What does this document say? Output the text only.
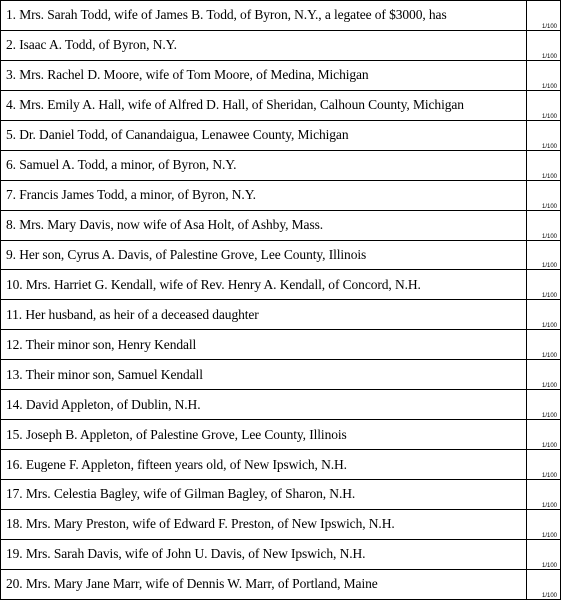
1. Mrs. Sarah Todd, wife of James B. Todd, of Byron, N.Y., a legatee of $3000, has	1/100

2. Isaac A. Todd, of Byron, N.Y.	1/100

3. Mrs. Rachel D. Moore, wife of Tom Moore, of Medina, Michigan	1/100

4. Mrs. Emily A. Hall, wife of Alfred D. Hall, of Sheridan, Calhoun County, Michigan	1/100

5. Dr. Daniel Todd, of Canandaigua, Lenawee County, Michigan	1/100

6. Samuel A. Todd, a minor, of Byron, N.Y.	1/100

7. Francis James Todd, a minor, of Byron, N.Y.	1/100

8. Mrs. Mary Davis, now wife of Asa Holt, of Ashby, Mass.	1/100

9. Her son, Cyrus A. Davis, of Palestine Grove, Lee County, Illinois	1/100

10. Mrs. Harriet G. Kendall, wife of Rev. Henry A. Kendall, of Concord, N.H.	1/100

11. Her husband, as heir of a deceased daughter	1/100

12. Their minor son, Henry Kendall	1/100

13. Their minor son, Samuel Kendall	1/100

14. David Appleton, of Dublin, N.H.	1/100

15. Joseph B. Appleton, of Palestine Grove, Lee County, Illinois	1/100

16. Eugene F. Appleton, fifteen years old, of New Ipswich, N.H.	1/100

17. Mrs. Celestia Bagley, wife of Gilman Bagley, of Sharon, N.H.	1/100

18. Mrs. Mary Preston, wife of Edward F. Preston, of New Ipswich, N.H.	1/100

19. Mrs. Sarah Davis, wife of John U. Davis, of New Ipswich, N.H.	1/100

20. Mrs. Mary Jane Marr, wife of Dennis W. Marr, of Portland, Maine	1/100
